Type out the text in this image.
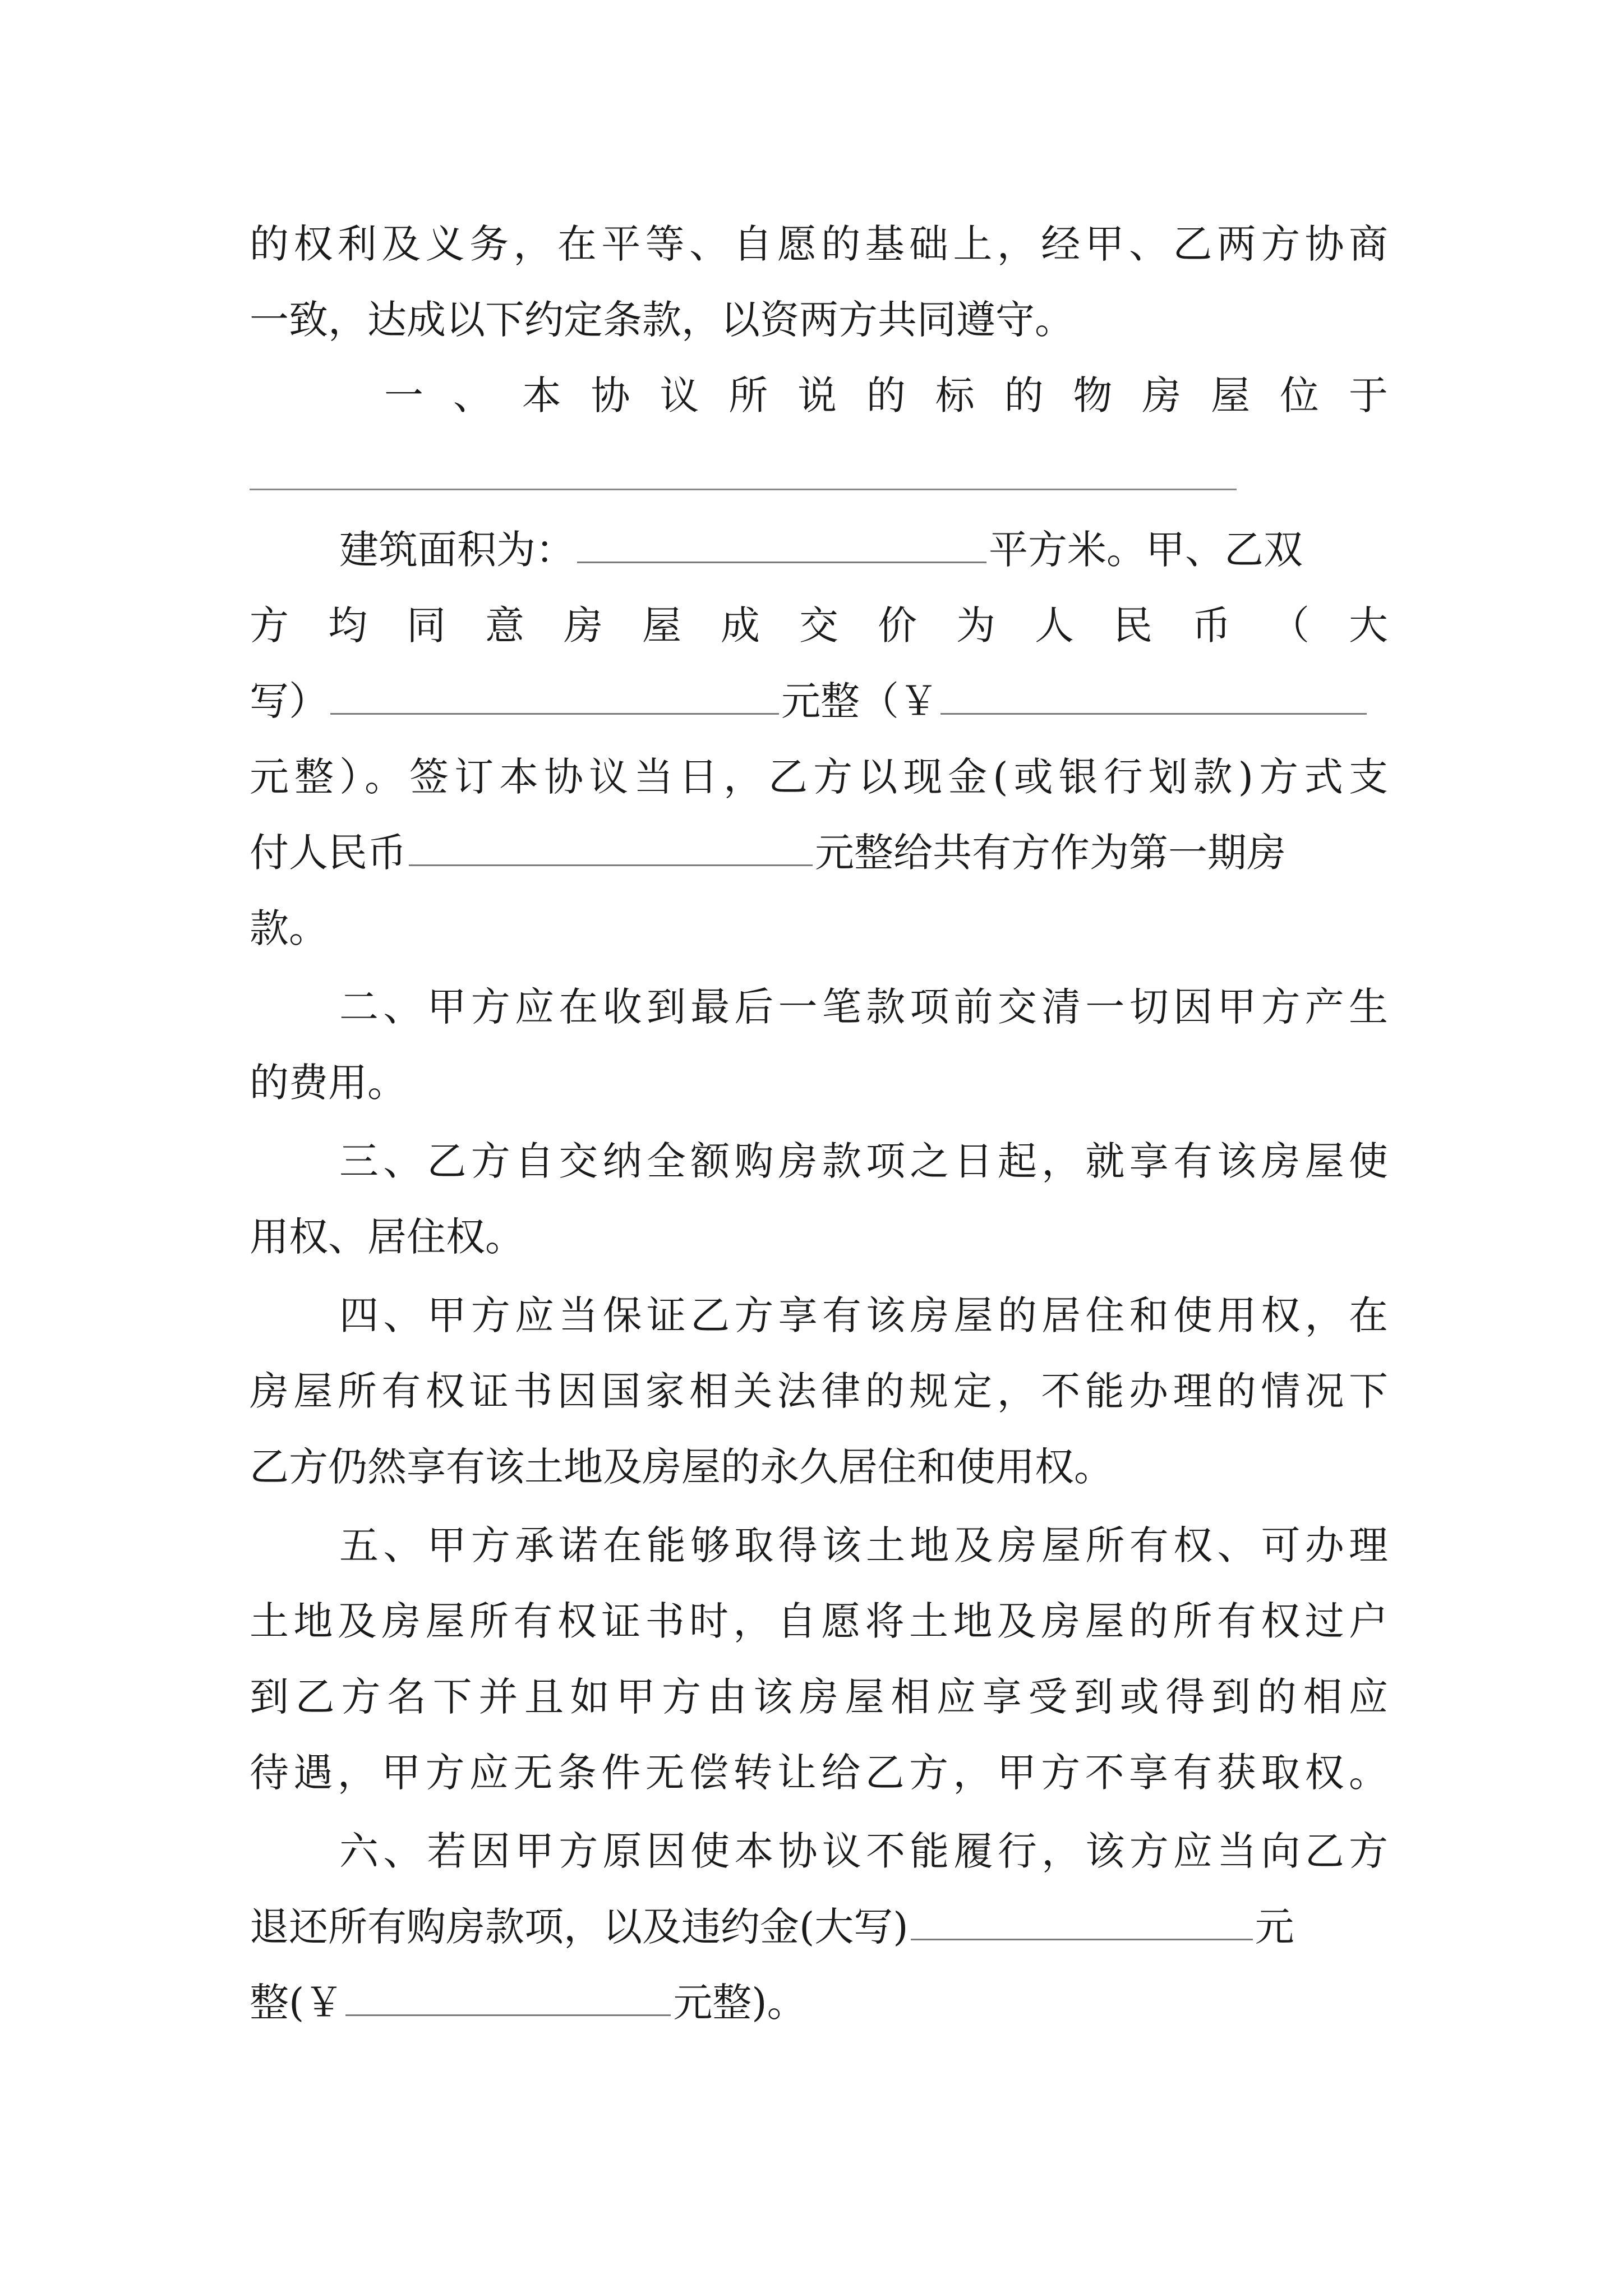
的权利及义务，在平等、自愿的基础上，经甲、乙两方协商
一致，达成以下约定条款，以资两方共同遵守。
一 、 本 协 议 所 说 的 标 的 物 房 屋 位 于
建筑面积为：	平方米。甲、乙双
方 均 同 意 房 屋 成 交 价 为 人 民 币 （ 大
写）	元整（￥
元整）。签订本协议当日，乙方以现金(或银行划款)方式支
付人民币	元整给共有方作为第一期房
款。
二、甲方应在收到最后一笔款项前交清一切因甲方产生
的费用。
三、乙方自交纳全额购房款项之日起，就享有该房屋使
用权、居住权。
四、甲方应当保证乙方享有该房屋的居住和使用权，在
房屋所有权证书因国家相关法律的规定，不能办理的情况下
乙方仍然享有该土地及房屋的永久居住和使用权。
五、甲方承诺在能够取得该土地及房屋所有权、可办理
土地及房屋所有权证书时，自愿将土地及房屋的所有权过户
到乙方名下并且如甲方由该房屋相应享受到或得到的相应
待遇，甲方应无条件无偿转让给乙方，甲方不享有获取权。
六、若因甲方原因使本协议不能履行，该方应当向乙方
退还所有购房款项，以及违约金(大写)	元
整(￥	元整)。
